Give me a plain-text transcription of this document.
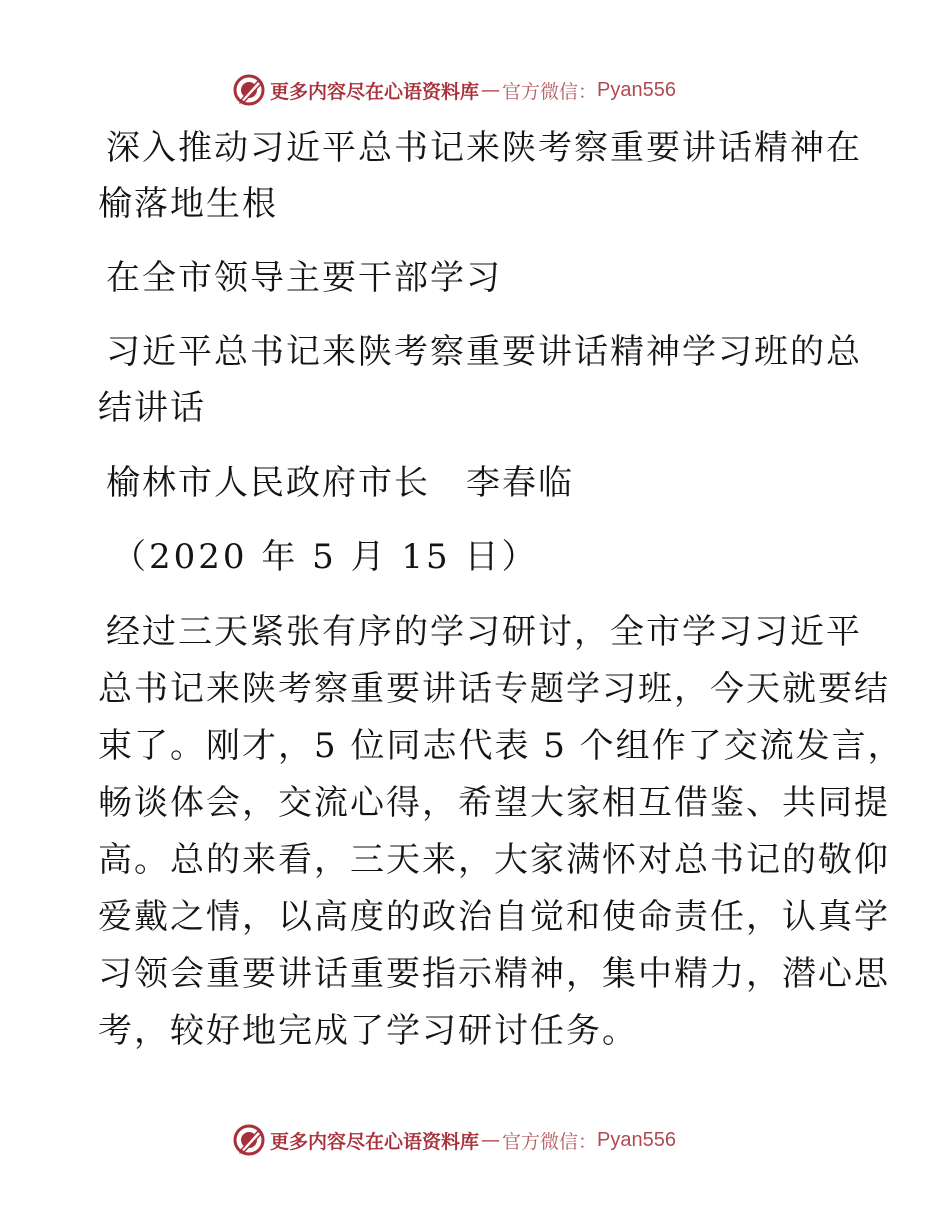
更多内容尽在心语资料库 — 官方微信： Pyan556
深入推动习近平总书记来陕考察重要讲话精神在
榆落地生根
在全市领导主要干部学习
习近平总书记来陕考察重要讲话精神学习班的总
结讲话
榆林市人民政府市长　李春临
（2020 年 5 月 15 日）
经过三天紧张有序的学习研讨，全市学习习近平
总书记来陕考察重要讲话专题学习班，今天就要结
束了。刚才，5 位同志代表 5 个组作了交流发言，
畅谈体会，交流心得，希望大家相互借鉴、共同提
高。总的来看，三天来，大家满怀对总书记的敬仰
爱戴之情，以高度的政治自觉和使命责任，认真学
习领会重要讲话重要指示精神，集中精力，潜心思
考，较好地完成了学习研讨任务。
更多内容尽在心语资料库 — 官方微信： Pyan556
